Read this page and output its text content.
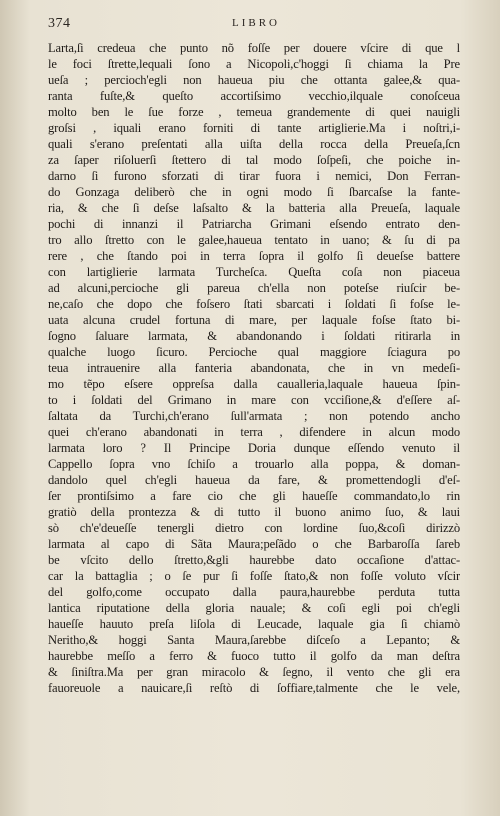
374	LIBRO
Larta,ſi credeua che punto nõ foſſe per douere vſcire di que l
le foci ſtrette,lequali ſono a Nicopoli,c'hoggi ſi chiama la Pre
ueſa ; percioch'egli non haueua piu che ottanta galee,& qua-
ranta fuſte,& queſto accortiſsimo vecchio,ilquale conoſceua
molto ben le ſue forze , temeua grandemente di quei nauigli
groſsi , iquali erano forniti di tante artiglierie.Ma i noſtri,i-
quali s'erano preſentati alla uiſta della rocca della Preueſa,ſcn
za ſaper riſoluerſi ſtettero di tal modo ſoſpeſi, che poiche in-
darno ſi furono sforzati di tirar fuora i nemici, Don Ferran-
do Gonzaga deliberò che in ogni modo ſi ſbarcaſse la fante-
ria, & che ſi deſse laſsalto & la batteria alla Preueſa, laquale
pochi di innanzi il Patriarcha Grimani eſsendo entrato den-
tro allo ſtretto con le galee,haueua tentato in uano; & ſu di pa
rere , che ſtando poi in terra ſopra il golfo ſi deueſse battere
con lartiglierie larmata Turcheſca. Queſta coſa non piaceua
ad alcuni,percioche gli pareua ch'ella non poteſse riuſcir be-
ne,caſo che dopo che foſsero ſtati sbarcati i ſoldati ſi foſse le-
uata alcuna crudel fortuna di mare, per laquale foſse ſtato bi-
ſogno ſaluare larmata, & abandonando i ſoldati ritirarla in
qualche luogo ſicuro. Percioche qual maggiore ſciagura po
teua intrauenire alla fanteria abandonata, che in vn medeſi-
mo tẽpo eſsere oppreſsa dalla caualleria,laquale haueua ſpin-
to i ſoldati del Grimano in mare con vcciſione,& d'eſſere aſ-
ſaltata da Turchi,ch'erano ſull'armata ; non potendo ancho
quei ch'erano abandonati in terra , difendere in alcun modo
larmata loro ? Il Principe Doria dunque eſſendo venuto il
Cappello ſopra vno ſchiſo a trouarlo alla poppa, & doman-
dandolo quel ch'egli haueua da fare, & promettendogli d'eſ-
ſer prontiſsimo a fare cio che gli haueſſe commandato,lo rin
gratiò della prontezza & di tutto il buono animo ſuo, & laui
sò ch'e'deueſſe tenergli dietro con lordine ſuo,&coſi dirizzò
larmata al capo di Sãta Maura;peſãdo o che Barbaroſſa ſareb
be vſcito dello ſtretto,&gli haurebbe dato occaſione d'attac-
car la battaglia ; o ſe pur ſi foſſe ſtato,& non foſſe voluto vſcir
del golfo,come occupato dalla paura,haurebbe perduta tutta
lantica riputatione della gloria nauale; & coſi egli poi ch'egli
haueſſe hauuto preſa liſola di Leucade, laquale gia ſi chiamò
Neritho,& hoggi Santa Maura,ſarebbe diſceſo a Lepanto; &
haurebbe meſſo a ferro & fuoco tutto il golfo da man deſtra
& ſiniſtra.Ma per gran miracolo & ſegno, il vento che gli era
fauoreuole a nauicare,ſi reſtò di ſoffiare,talmente che le vele,
